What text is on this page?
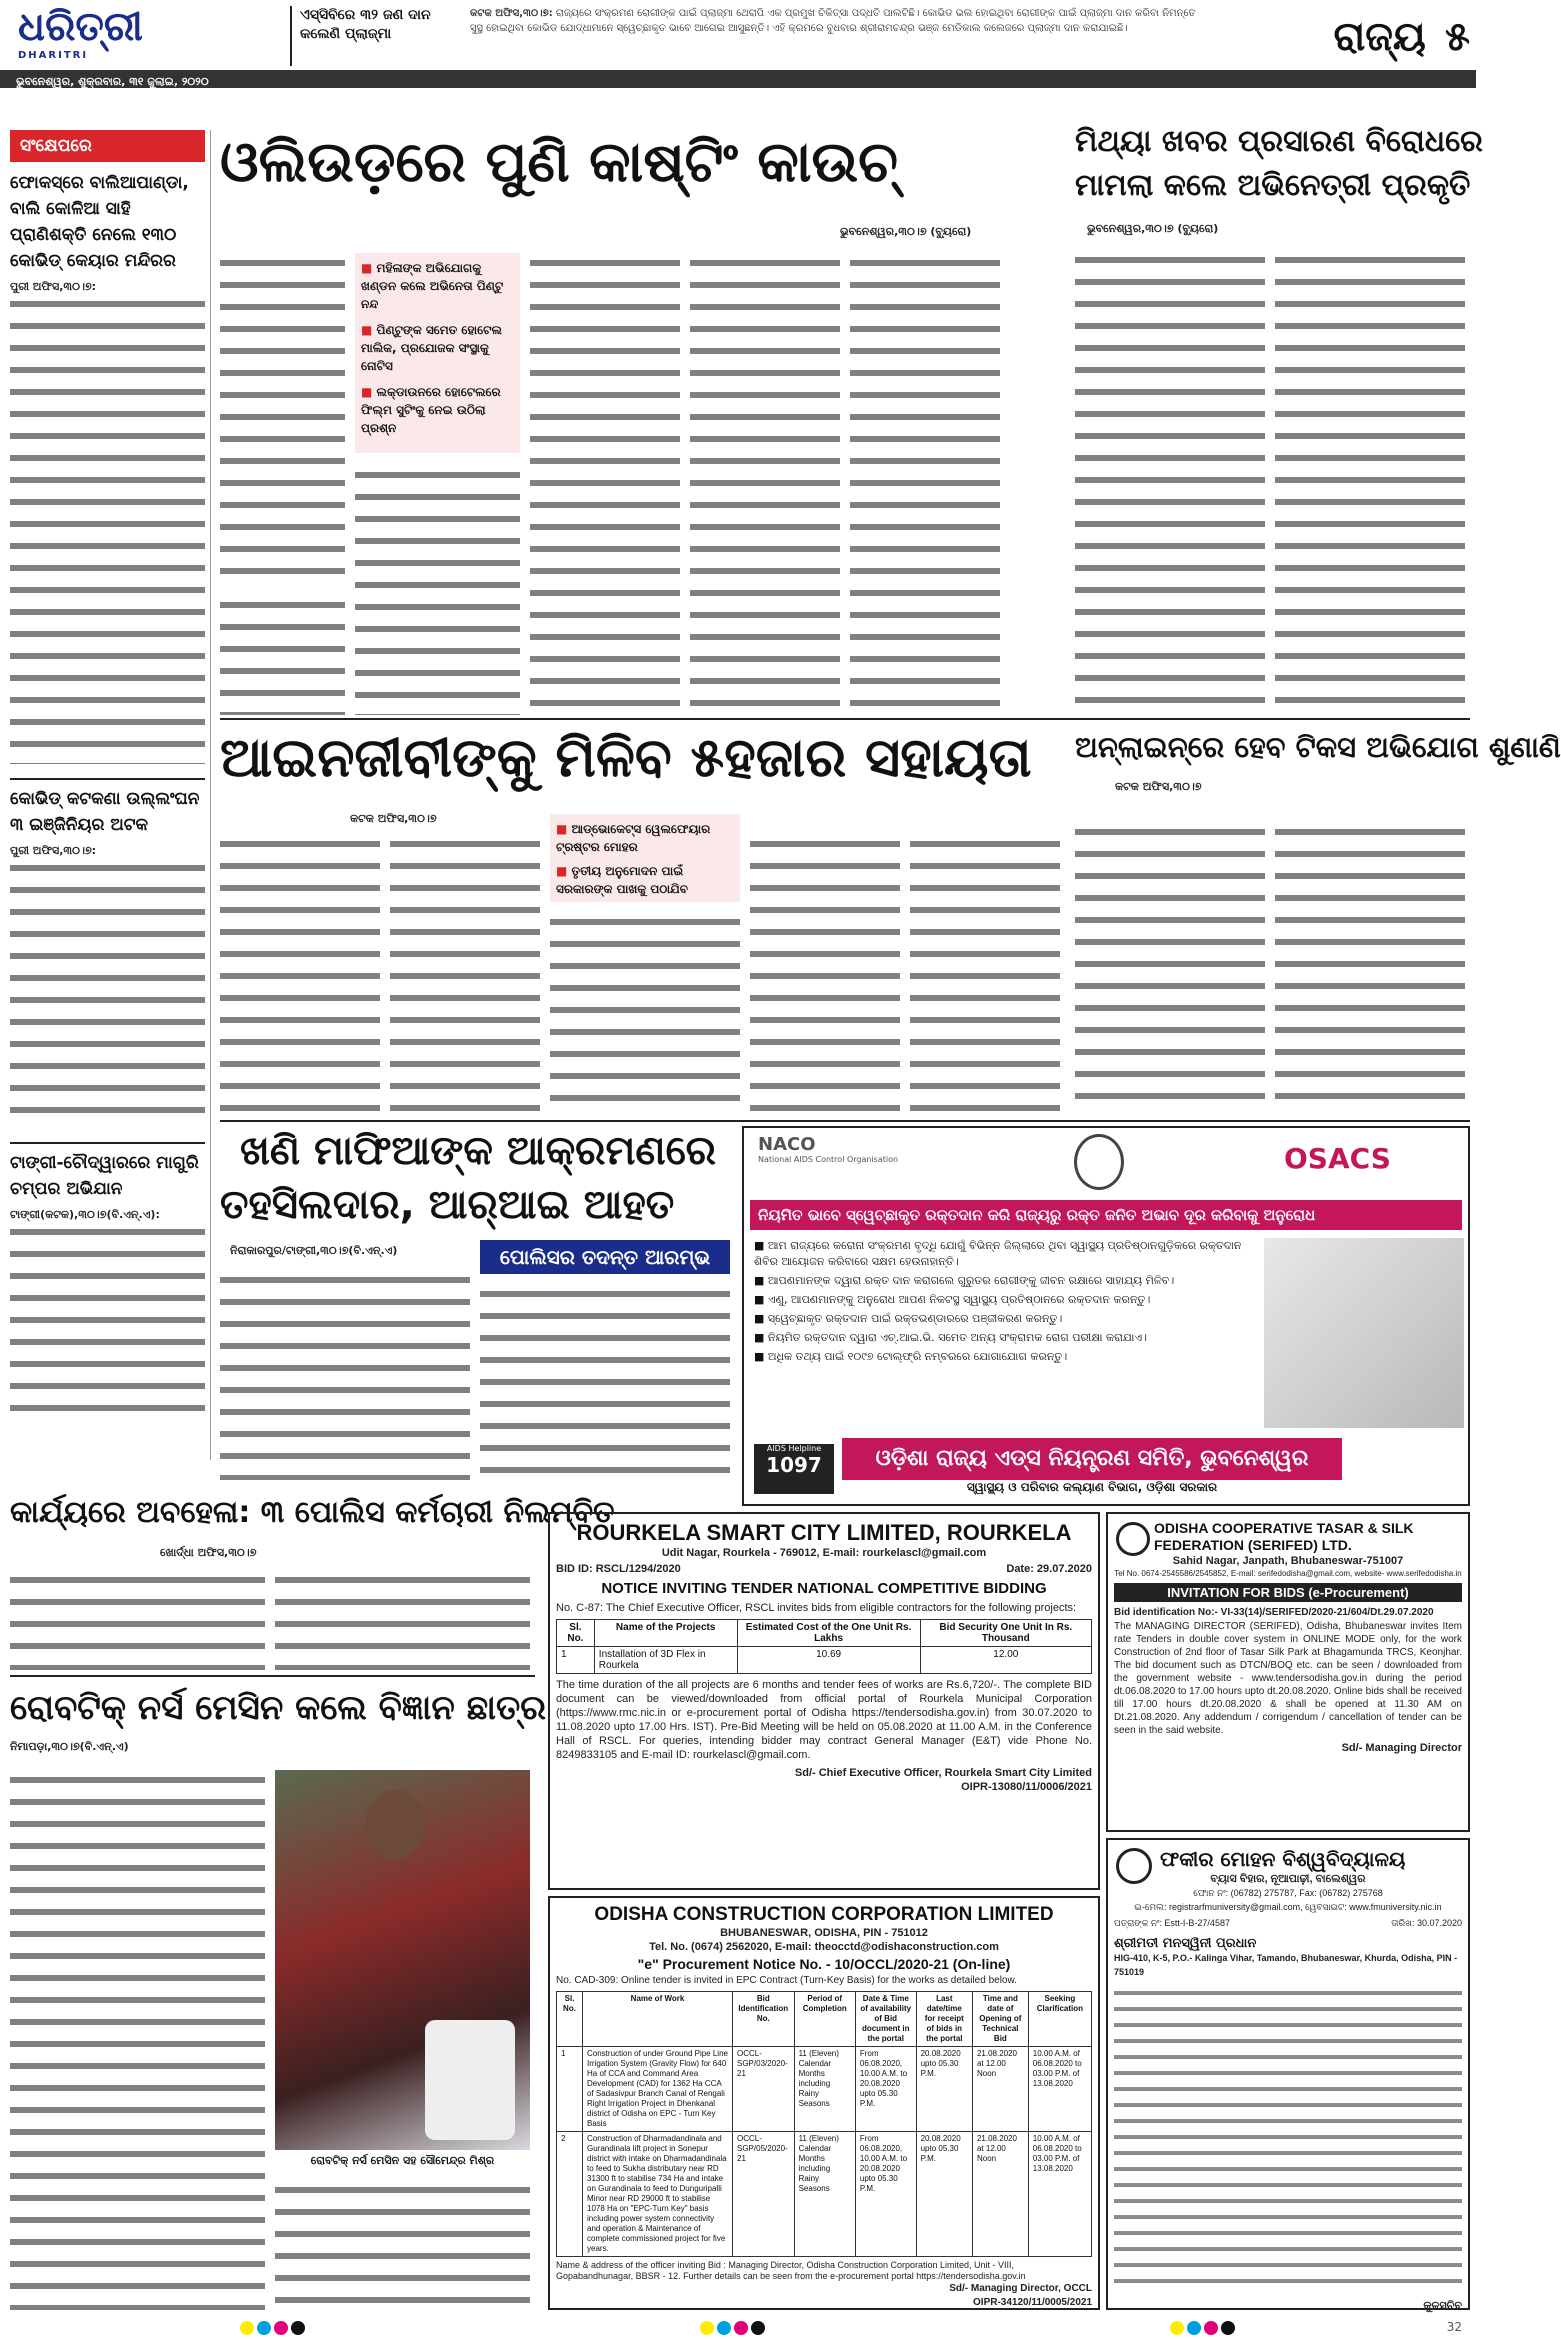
ଧରିତ୍ରୀ
DHARITRI
ଏସ୍‌ସିବିରେ ୩୨ ଜଣ ଦାନ କଲେଣି ପ୍ଲାଜ୍ମା
କଟକ ଅଫିସ,୩୦।୭: ରାଜ୍ୟରେ ସଂକ୍ରମଣ ରୋଗୀଙ୍କ ପାଇଁ ପ୍ଲାଜ୍ମା ଥେରାପି ଏକ ପ୍ରମୁଖ ଚିକିତ୍ସା ପଦ୍ଧତି ପାଲଟିଛି। କୋଭିଡ ଭଲ ହୋଇଥିବା ରୋଗୀଙ୍କ ପାଇଁ ପ୍ଲାଜ୍ମା ଦାନ କରିବା ନିମନ୍ତେ ସୁସ୍ଥ ହୋଇଥିବା କୋଭିଡ ଯୋଦ୍ଧାମାନେ ସ୍ୱେଚ୍ଛାକୃତ ଭାବେ ଆଗେଇ ଆସୁଛନ୍ତି। ଏହି କ୍ରମରେ ବୁଧବାର ଶ୍ରୀରାମଚନ୍ଦ୍ର ଭଞ୍ଜ ମେଡିକାଲ କଲେଜରେ ପ୍ଲାଜ୍ମା ଦାନ କରାଯାଇଛି।	ରାଜ୍ୟ ୫
ଭୁବନେଶ୍ୱର, ଶୁକ୍ରବାର, ୩୧ ଜୁଲାଇ, ୨୦୨୦
ସଂକ୍ଷେପରେ
ଫୋକସ୍‌ରେ ବାଲିଆପାଣ୍ଡା, ବାଲି କୋଳିଆ ସାହି ପ୍ରାଣିଶକ୍ତି ନେଲେ ୧୩୦ କୋଭିଡ୍ କେୟାର ମନ୍ଦିରର
ପୁରୀ ଅଫିସ,୩୦।୭:
କୋଭିଡ୍ କଟକଣା ଉଲ୍ଲଂଘନ ୩ ଇଞ୍ଜିନିୟର ଅଟକ
ପୁରୀ ଅଫିସ,୩୦।୭:
ଟାଙ୍ଗୀ-ଚୌଦ୍ୱାରରେ ମାଗୁରି ଚମ୍ପର ଅଭିଯାନ
ଟାଙ୍ଗୀ(କଟକ),୩୦।୭(ବି.ଏନ୍.ଏ):
ଓଲିଉଡ଼ରେ ପୁଣି କାଷ୍ଟିଂ କାଉଚ୍
ଭୁବନେଶ୍ୱର,୩୦।୭ (ବ୍ୟୁରୋ)
■ ମହିଳାଙ୍କ ଅଭିଯୋଗକୁ ଖଣ୍ଡନ କଲେ ଅଭିନେତା ପିଣ୍ଟୁ ନନ୍ଦ
■ ପିଣ୍ଟୁଙ୍କ ସମେତ ହୋଟେଲ ମାଲିକ, ପ୍ରଯୋଜକ ସଂସ୍ଥାକୁ ନୋଟିସ
■ ଲକ୍‌ଡାଉନରେ ହୋଟେଲରେ ଫିଲ୍ମ ସୁଟିଂକୁ ନେଇ ଉଠିଲା ପ୍ରଶ୍ନ
ମିଥ୍ୟା ଖବର ପ୍ରସାରଣ ବିରୋଧରେ
ମାମଲା କଲେ ଅଭିନେତ୍ରୀ ପ୍ରକୃତି
ଭୁବନେଶ୍ୱର,୩୦।୭ (ବ୍ୟୁରୋ)
ଆଇନଜୀବୀଙ୍କୁ ମିଳିବ ୫ହଜାର ସହାୟତା
କଟକ ଅଫିସ,୩୦।୭
■ ଆଡ୍‌ଭୋକେଟ୍ସ ୱେଲଫେୟାର ଟ୍ରଷ୍ଟର ମୋହର
■ ତୃତୀୟ ଅନୁମୋଦନ ପାଇଁ ସରକାରଙ୍କ ପାଖକୁ ପଠାଯିବ
ଅନ୍‌ଲାଇନ୍‌ରେ ହେବ ଟିକସ ଅଭିଯୋଗ ଶୁଣାଣି
କଟକ ଅଫିସ,୩୦।୭
ଖଣି ମାଫିଆଙ୍କ ଆକ୍ରମଣରେ
ତହସିଲଦାର, ଆର୍‌ଆଇ ଆହତ
ନିରାକାରପୁର/ଟାଙ୍ଗୀ,୩୦।୭(ବି.ଏନ୍.ଏ)	ପୋଲିସର ତଦନ୍ତ ଆରମ୍ଭ
NACO
National AIDS Control Organisation	OSACS
ନିୟମିତ ଭାବେ ସ୍ୱେଚ୍ଛାକୃତ ରକ୍ତଦାନ କରି ରାଜ୍ୟରୁ ରକ୍ତ ଜନିତ ଅଭାବ ଦୂର କରିବାକୁ ଅନୁରୋଧ
■ ଆମ ରାଜ୍ୟରେ କରୋନା ସଂକ୍ରମଣ ବୃଦ୍ଧି ଯୋଗୁଁ ବିଭିନ୍ନ ଜିଲ୍ଲାରେ ଥିବା ସ୍ୱାସ୍ଥ୍ୟ ପ୍ରତିଷ୍ଠାନଗୁଡ଼ିକରେ ରକ୍ତଦାନ ଶିବିର ଆୟୋଜନ କରିବାରେ ସକ୍ଷମ ହେଉନାହାନ୍ତି।
■ ଆପଣମାନଙ୍କ ଦ୍ୱାରା ରକ୍ତ ଦାନ କରାଗଲେ ଗୁରୁତର ରୋଗୀଙ୍କୁ ଜୀବନ ରକ୍ଷାରେ ସାହାଯ୍ୟ ମିଳିବ।
■ ଏଣୁ, ଆପଣମାନଙ୍କୁ ଅନୁରୋଧ ଆପଣ ନିକଟସ୍ଥ ସ୍ୱାସ୍ଥ୍ୟ ପ୍ରତିଷ୍ଠାନରେ ରକ୍ତଦାନ କରନ୍ତୁ।
■ ସ୍ୱେଚ୍ଛାକୃତ ରକ୍ତଦାନ ପାଇଁ ରକ୍ତଭଣ୍ଡାରରେ ପଞ୍ଜୀକରଣ କରନ୍ତୁ।
■ ନିୟମିତ ରକ୍ତଦାନ ଦ୍ୱାରା ଏଚ୍.ଆଇ.ଭି. ସମେତ ଅନ୍ୟ ସଂକ୍ରାମକ ରୋଗ ପରୀକ୍ଷା କରାଯାଏ।
■ ଅଧିକ ତଥ୍ୟ ପାଇଁ ୧୦୯୭ ଟୋଲ୍‌ଫ୍ରି ନମ୍ବରରେ ଯୋଗାଯୋଗ କରନ୍ତୁ।
AIDS Helpline
1097	ଓଡ଼ିଶା ରାଜ୍ୟ ଏଡ୍ସ ନିୟନ୍ତ୍ରଣ ସମିତି, ଭୁବନେଶ୍ୱର
ସ୍ୱାସ୍ଥ୍ୟ ଓ ପରିବାର କଲ୍ୟାଣ ବିଭାଗ, ଓଡ଼ିଶା ସରକାର
କାର୍ଯ୍ୟରେ ଅବହେଳା: ୩ ପୋଲିସ କର୍ମଚାରୀ ନିଲମ୍ବିତ
ଖୋର୍ଦ୍ଧା ଅଫିସ,୩୦।୭
ରୋବଟିକ୍ ନର୍ସ ମେସିନ କଲେ ବିଜ୍ଞାନ ଛାତ୍ର
ନିମାପଡ଼ା,୩୦।୭(ବି.ଏନ୍.ଏ)
ରୋବଟିକ୍ ନର୍ସ ମେସିନ ସହ ସୌମେନ୍ଦ୍ର ମିଶ୍ର
ROURKELA SMART CITY LIMITED, ROURKELA
Udit Nagar, Rourkela - 769012, E-mail: rourkelascl@gmail.com
BID ID: RSCL/1294/2020	Date: 29.07.2020
NOTICE INVITING TENDER NATIONAL COMPETITIVE BIDDING
No. C-87: The Chief Executive Officer, RSCL invites bids from eligible contractors for the following projects:
Sl. No.	Name of the Projects	Estimated Cost of the One Unit Rs. Lakhs	Bid Security One Unit In Rs. Thousand
1	Installation of 3D Flex in Rourkela	10.69	12.00
The time duration of the all projects are 6 months and tender fees of works are Rs.6,720/-. The complete BID document can be viewed/downloaded from official portal of Rourkela Municipal Corporation (https://www.rmc.nic.in or e-procurement portal of Odisha https://tendersodisha.gov.in) from 30.07.2020 to 11.08.2020 upto 17.00 Hrs. IST). Pre-Bid Meeting will be held on 05.08.2020 at 11.00 A.M. in the Conference Hall of RSCL. For queries, intending bidder may contract General Manager (E&T) vide Phone No. 8249833105 and E-mail ID: rourkelascl@gmail.com.
Sd/- Chief Executive Officer, Rourkela Smart City Limited
OIPR-13080/11/0006/2021
ODISHA COOPERATIVE TASAR & SILK FEDERATION (SERIFED) LTD.
Sahid Nagar, Janpath, Bhubaneswar-751007
Tel No. 0674-2545586/2545852, E-mail: serifedodisha@gmail.com, website- www.serifedodisha.in
INVITATION FOR BIDS (e-Procurement)
Bid identification No:- VI-33(14)/SERIFED/2020-21/604/Dt.29.07.2020
The MANAGING DIRECTOR (SERIFED), Odisha, Bhubaneswar invites Item rate Tenders in double cover system in ONLINE MODE only, for the work Construction of 2nd floor of Tasar Silk Park at Bhagamunda TRCS, Keonjhar. The bid document such as DTCN/BOQ etc. can be seen / downloaded from the government website - www.tendersodisha.gov.in during the period dt.06.08.2020 to 17.00 hours upto dt.20.08.2020. Online bids shall be received till 17.00 hours dt.20.08.2020 & shall be opened at 11.30 AM on Dt.21.08.2020. Any addendum / corrigendum / cancellation of tender can be seen in the said website.
Sd/- Managing Director
ଫକୀର ମୋହନ ବିଶ୍ୱବିଦ୍ୟାଳୟ
ବ୍ୟାସ ବିହାର, ନୂଆପାଢ଼ୀ, ବାଲେଶ୍ୱର
ଫୋନ ନଂ: (06782) 275787, Fax: (06782) 275768
ଇ-ମେଲ: registrarfmuniversity@gmail.com, ୱେବସାଇଟ: www.fmuniversity.nic.in
ପତ୍ରାଙ୍କ ନଂ: Estt-I-B-27/4587	ତାରିଖ: 30.07.2020
ଶ୍ରୀମତୀ ମନସ୍ୱିନୀ ପ୍ରଧାନ
HIG-410, K-5, P.O.- Kalinga Vihar, Tamando, Bhubaneswar, Khurda, Odisha, PIN - 751019
କୁଳସଚିବ
ODISHA CONSTRUCTION CORPORATION LIMITED
BHUBANESWAR, ODISHA, PIN - 751012
Tel. No. (0674) 2562020, E-mail: theocctd@odishaconstruction.com
"e" Procurement Notice No. - 10/OCCL/2020-21 (On-line)
No. CAD-309: Online tender is invited in EPC Contract (Turn-Key Basis) for the works as detailed below.
Sl. No.	Name of Work	Bid Identification No.	Period of Completion	Date & Time of availability of Bid document in the portal	Last date/time for receipt of bids in the portal	Time and date of Opening of Technical Bid	Seeking Clarification
1	Construction of under Ground Pipe Line Irrigation System (Gravity Flow) for 640 Ha of CCA and Command Area Development (CAD) for 1362 Ha CCA of Sadasivpur Branch Canal of Rengali Right Irrigation Project in Dhenkanal district of Odisha on EPC - Turn Key Basis	OCCL-SGP/03/2020-21	11 (Eleven) Calendar Months including Rainy Seasons	From 06.08.2020, 10.00 A.M. to 20.08.2020 upto 05.30 P.M.	20.08.2020 upto 05.30 P.M.	21.08.2020 at 12.00 Noon	10.00 A.M. of 06.08.2020 to 03.00 P.M. of 13.08.2020
2	Construction of Dharmadandinala and Gurandinala lift project in Sonepur district with intake on Dharmadandinala to feed to Sukha distributary near RD 31300 ft to stabilise 734 Ha and intake on Gurandinala to feed to Dunguripalli Minor near RD 29000 ft to stabilise 1078 Ha on "EPC-Turn Key" basis including power system connectivity and operation & Maintenance of complete commissioned project for five years.	OCCL-SGP/05/2020-21	11 (Eleven) Calendar Months including Rainy Seasons	From 06.08.2020, 10.00 A.M. to 20.08.2020 upto 05.30 P.M.	20.08.2020 upto 05.30 P.M.	21.08.2020 at 12.00 Noon	10.00 A.M. of 06.08.2020 to 03.00 P.M. of 13.08.2020
Name & address of the officer inviting Bid : Managing Director, Odisha Construction Corporation Limited, Unit - VIII, Gopabandhunagar, BBSR - 12. Further details can be seen from the e-procurement portal https://tendersodisha.gov.in
Sd/- Managing Director, OCCL
OIPR-34120/11/0005/2021
32
